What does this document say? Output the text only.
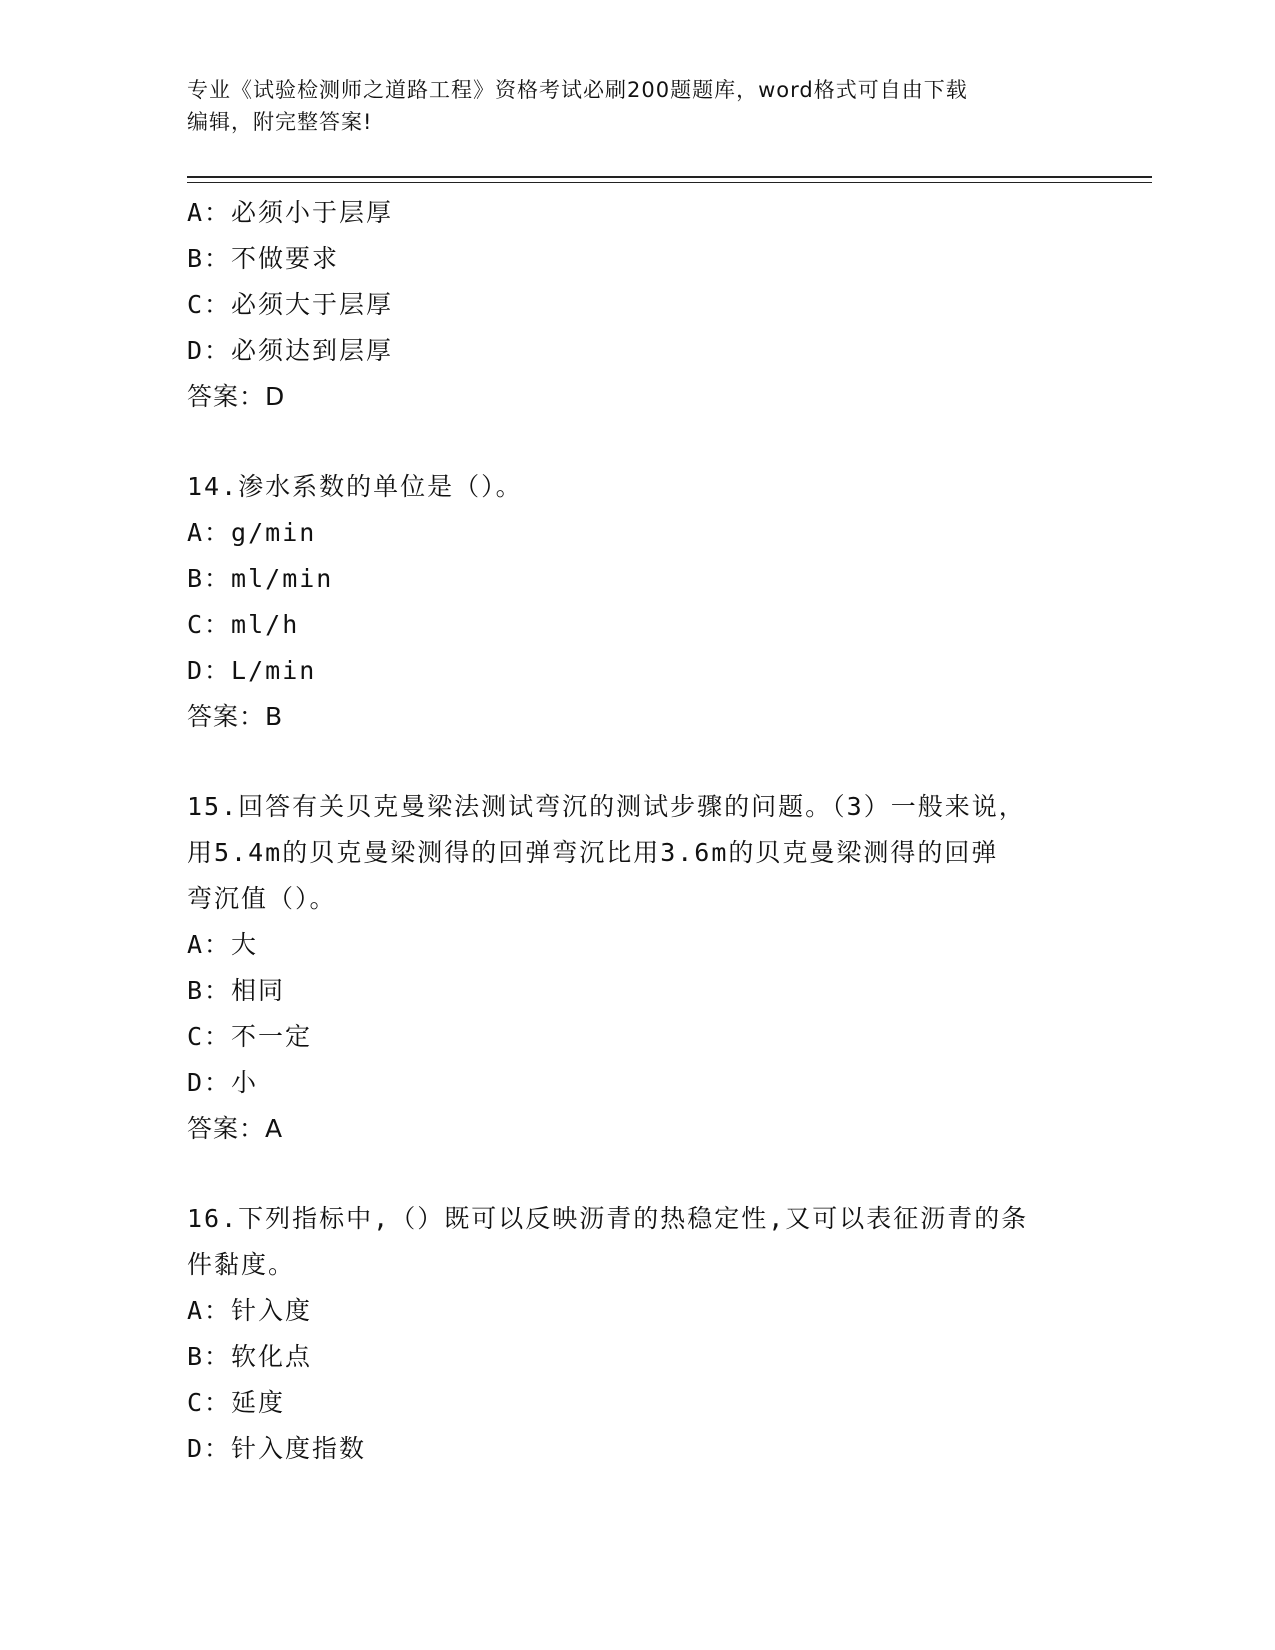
专业《试验检测师之道路工程》资格考试必刷200题题库，word格式可自由下载
编辑，附完整答案!
A：必须小于层厚
B：不做要求
C：必须大于层厚
D：必须达到层厚
答案：D
14.渗水系数的单位是（）。
A：g/min
B：ml/min
C：ml/h
D：L/min
答案：B
15.回答有关贝克曼梁法测试弯沉的测试步骤的问题。（3）一般来说，
用5.4m的贝克曼梁测得的回弹弯沉比用3.6m的贝克曼梁测得的回弹
弯沉值（）。
A：大
B：相同
C：不一定
D：小
答案：A
16.下列指标中,（）既可以反映沥青的热稳定性,又可以表征沥青的条
件黏度。
A：针入度
B：软化点
C：延度
D：针入度指数
